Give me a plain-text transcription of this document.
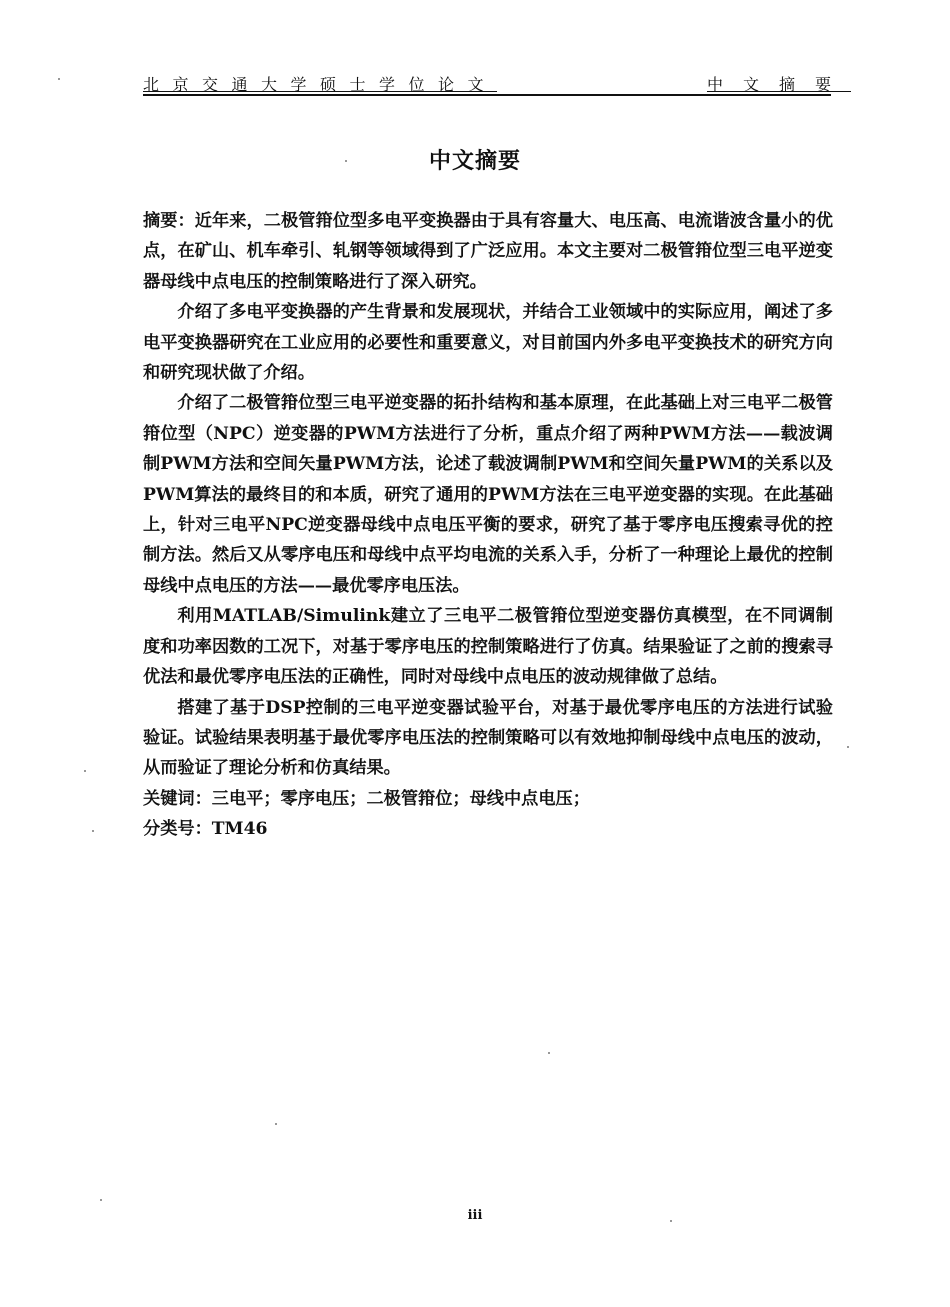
北京交通大学硕士学位论文	中文摘要
中文摘要

摘要：近年来，二极管箝位型多电平变换器由于具有容量大、电压高、电流谐波含量小的优点，在矿山、机车牵引、轧钢等领域得到了广泛应用。本文主要对二极管箝位型三电平逆变器母线中点电压的控制策略进行了深入研究。

介绍了多电平变换器的产生背景和发展现状，并结合工业领域中的实际应用，阐述了多电平变换器研究在工业应用的必要性和重要意义，对目前国内外多电平变换技术的研究方向和研究现状做了介绍。

介绍了二极管箝位型三电平逆变器的拓扑结构和基本原理，在此基础上对三电平二极管箝位型（NPC）逆变器的PWM方法进行了分析，重点介绍了两种PWM方法——载波调制PWM方法和空间矢量PWM方法，论述了载波调制PWM和空间矢量PWM的关系以及PWM算法的最终目的和本质，研究了通用的PWM方法在三电平逆变器的实现。在此基础上，针对三电平NPC逆变器母线中点电压平衡的要求，研究了基于零序电压搜索寻优的控制方法。然后又从零序电压和母线中点平均电流的关系入手，分析了一种理论上最优的控制母线中点电压的方法——最优零序电压法。

利用MATLAB/Simulink建立了三电平二极管箝位型逆变器仿真模型，在不同调制度和功率因数的工况下，对基于零序电压的控制策略进行了仿真。结果验证了之前的搜索寻优法和最优零序电压法的正确性，同时对母线中点电压的波动规律做了总结。

搭建了基于DSP控制的三电平逆变器试验平台，对基于最优零序电压的方法进行试验验证。试验结果表明基于最优零序电压法的控制策略可以有效地抑制母线中点电压的波动，从而验证了理论分析和仿真结果。

关键词：三电平；零序电压；二极管箝位；母线中点电压；

分类号：TM46

iii
